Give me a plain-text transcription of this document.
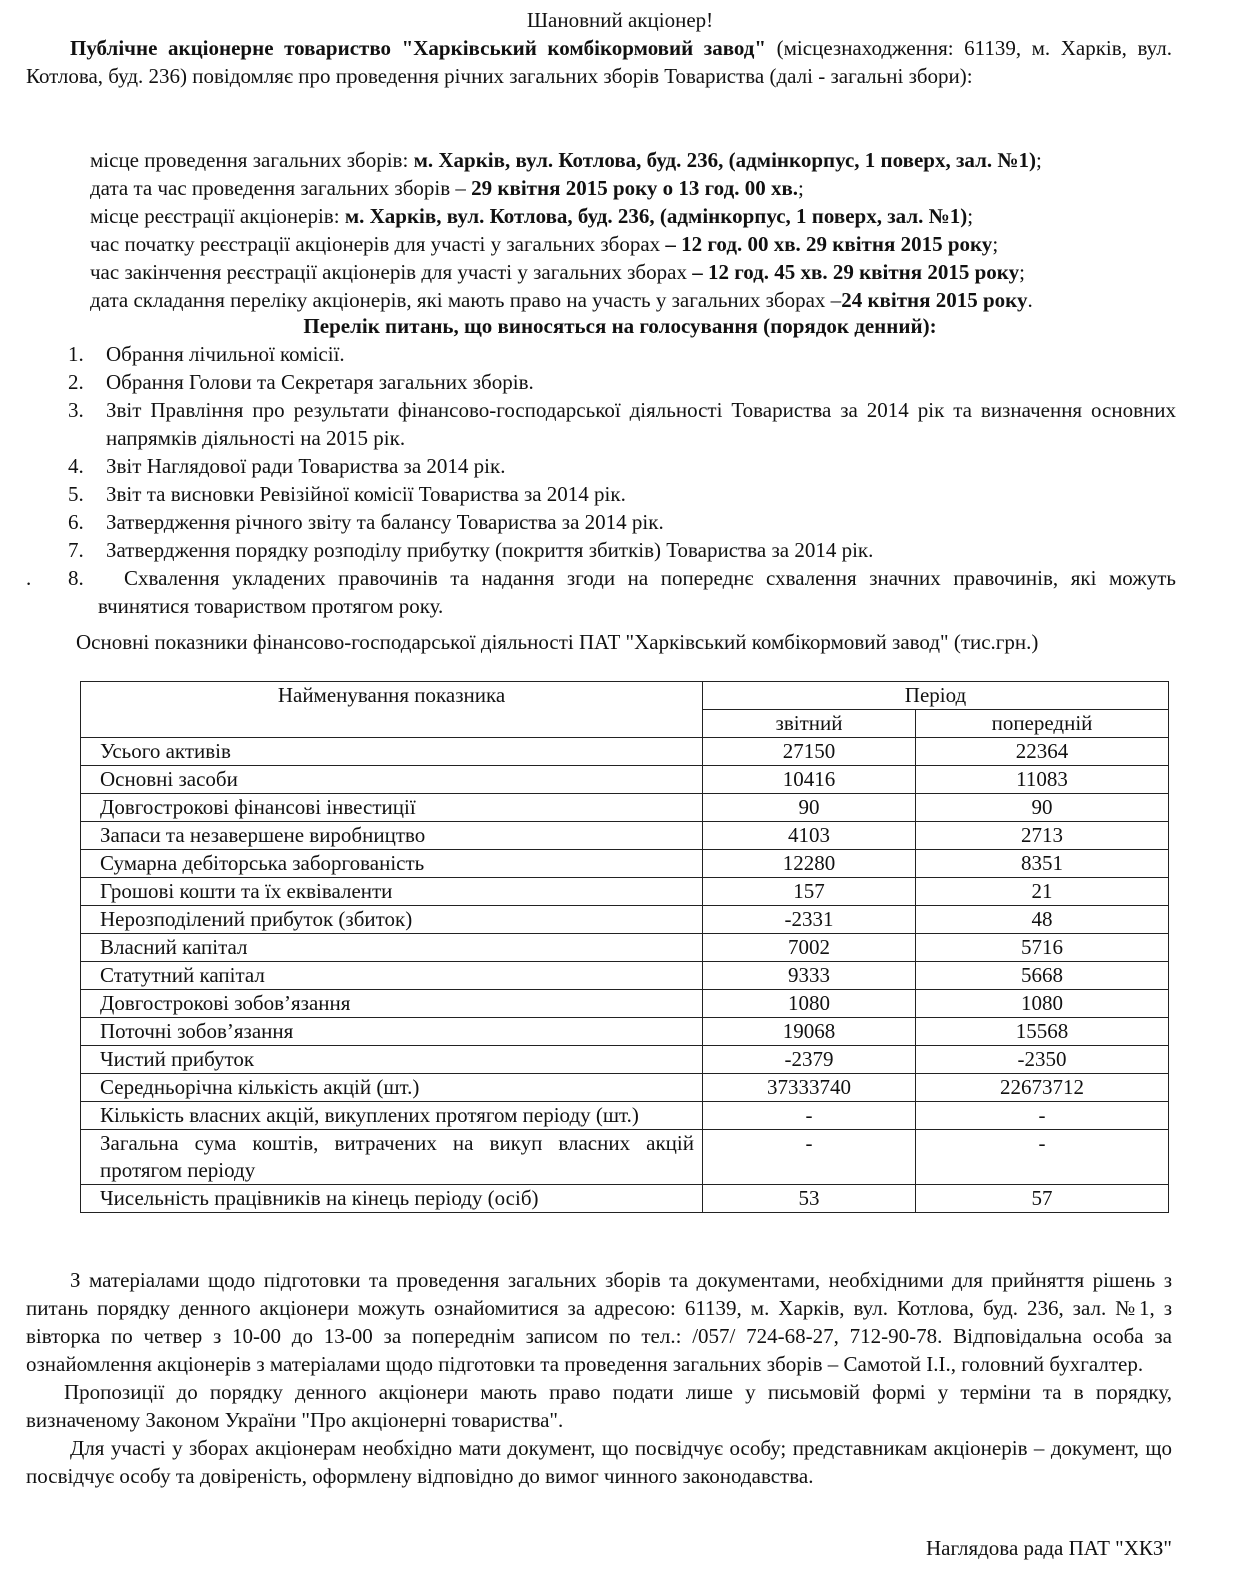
Шановний акціонер!
Публічне акціонерне товариство "Харківський комбікормовий завод" (місцезнаходження: 61139, м. Харків, вул. Котлова, буд. 236) повідомляє про проведення річних загальних зборів Товариства (далі - загальні збори):
місце проведення загальних зборів: м. Харків, вул. Котлова, буд. 236, (адмінкорпус, 1 поверх, зал. №1);
дата та час проведення загальних зборів – 29 квітня 2015 року о 13 год. 00 хв.;
місце реєстрації акціонерів: м. Харків, вул. Котлова, буд. 236, (адмінкорпус, 1 поверх, зал. №1);
час початку реєстрації акціонерів для участі у загальних зборах – 12 год. 00 хв. 29 квітня 2015 року;
час закінчення реєстрації акціонерів для участі у загальних зборах – 12 год. 45 хв. 29 квітня 2015 року;
дата складання переліку акціонерів, які мають право на участь у загальних зборах –24 квітня 2015 року.
Перелік питань, що виносяться на голосування (порядок денний):
1. Обрання лічильної комісії.
2. Обрання Голови та Секретаря загальних зборів.
3. Звіт Правління про результати фінансово-господарської діяльності Товариства за 2014 рік та визначення основних напрямків діяльності на 2015 рік.
4. Звіт Наглядової ради Товариства за 2014 рік.
5. Звіт та висновки Ревізійної комісії Товариства за 2014 рік.
6. Затвердження річного звіту та балансу Товариства за 2014 рік.
7. Затвердження порядку розподілу прибутку (покриття збитків) Товариства за 2014 рік.
. 8.	Схвалення укладених правочинів та надання згоди на попереднє схвалення значних правочинів, які можуть вчинятися товариством протягом року.
Основні показники фінансово-господарської діяльності ПАТ "Харківський комбікормовий завод" (тис.грн.)
Найменування показника	Період	
	звітний	попередній
Усього активів	27150	22364
Основні засоби	10416	11083
Довгострокові фінансові інвестиції	90	90
Запаси та незавершене виробництво	4103	2713
Сумарна дебіторська заборгованість	12280	8351
Грошові кошти та їх еквіваленти	157	21
Нерозподілений прибуток (збиток)	-2331	48
Власний капітал	7002	5716
Статутний капітал	9333	5668
Довгострокові зобов’язання	1080	1080
Поточні зобов’язання	19068	15568
Чистий прибуток	-2379	-2350
Середньорічна кількість акцій (шт.)	37333740	22673712
Кількість власних акцій, викуплених протягом періоду (шт.)	-	-
Загальна сума коштів, витрачених на викуп власних акцій протягом періоду	-	-
Чисельність працівників на кінець періоду (осіб)	53	57

З матеріалами щодо підготовки та проведення загальних зборів та документами, необхідними для прийняття рішень з питань порядку денного акціонери можуть ознайомитися за адресою: 61139, м. Харків, вул. Котлова, буд. 236, зал. №1, з вівторка по четвер з 10-00 до 13-00 за попереднім записом по тел.: /057/ 724-68-27, 712-90-78. Відповідальна особа за ознайомлення акціонерів з матеріалами щодо підготовки та проведення загальних зборів – Самотой І.І., головний бухгалтер.

Пропозиції до порядку денного акціонери мають право подати лише у письмовій формі у терміни та в порядку, визначеному Законом України "Про акціонерні товариства".

Для участі у зборах акціонерам необхідно мати документ, що посвідчує особу; представникам акціонерів – документ, що посвідчує особу та довіреність, оформлену відповідно до вимог чинного законодавства.

Наглядова рада ПАТ "ХКЗ"
